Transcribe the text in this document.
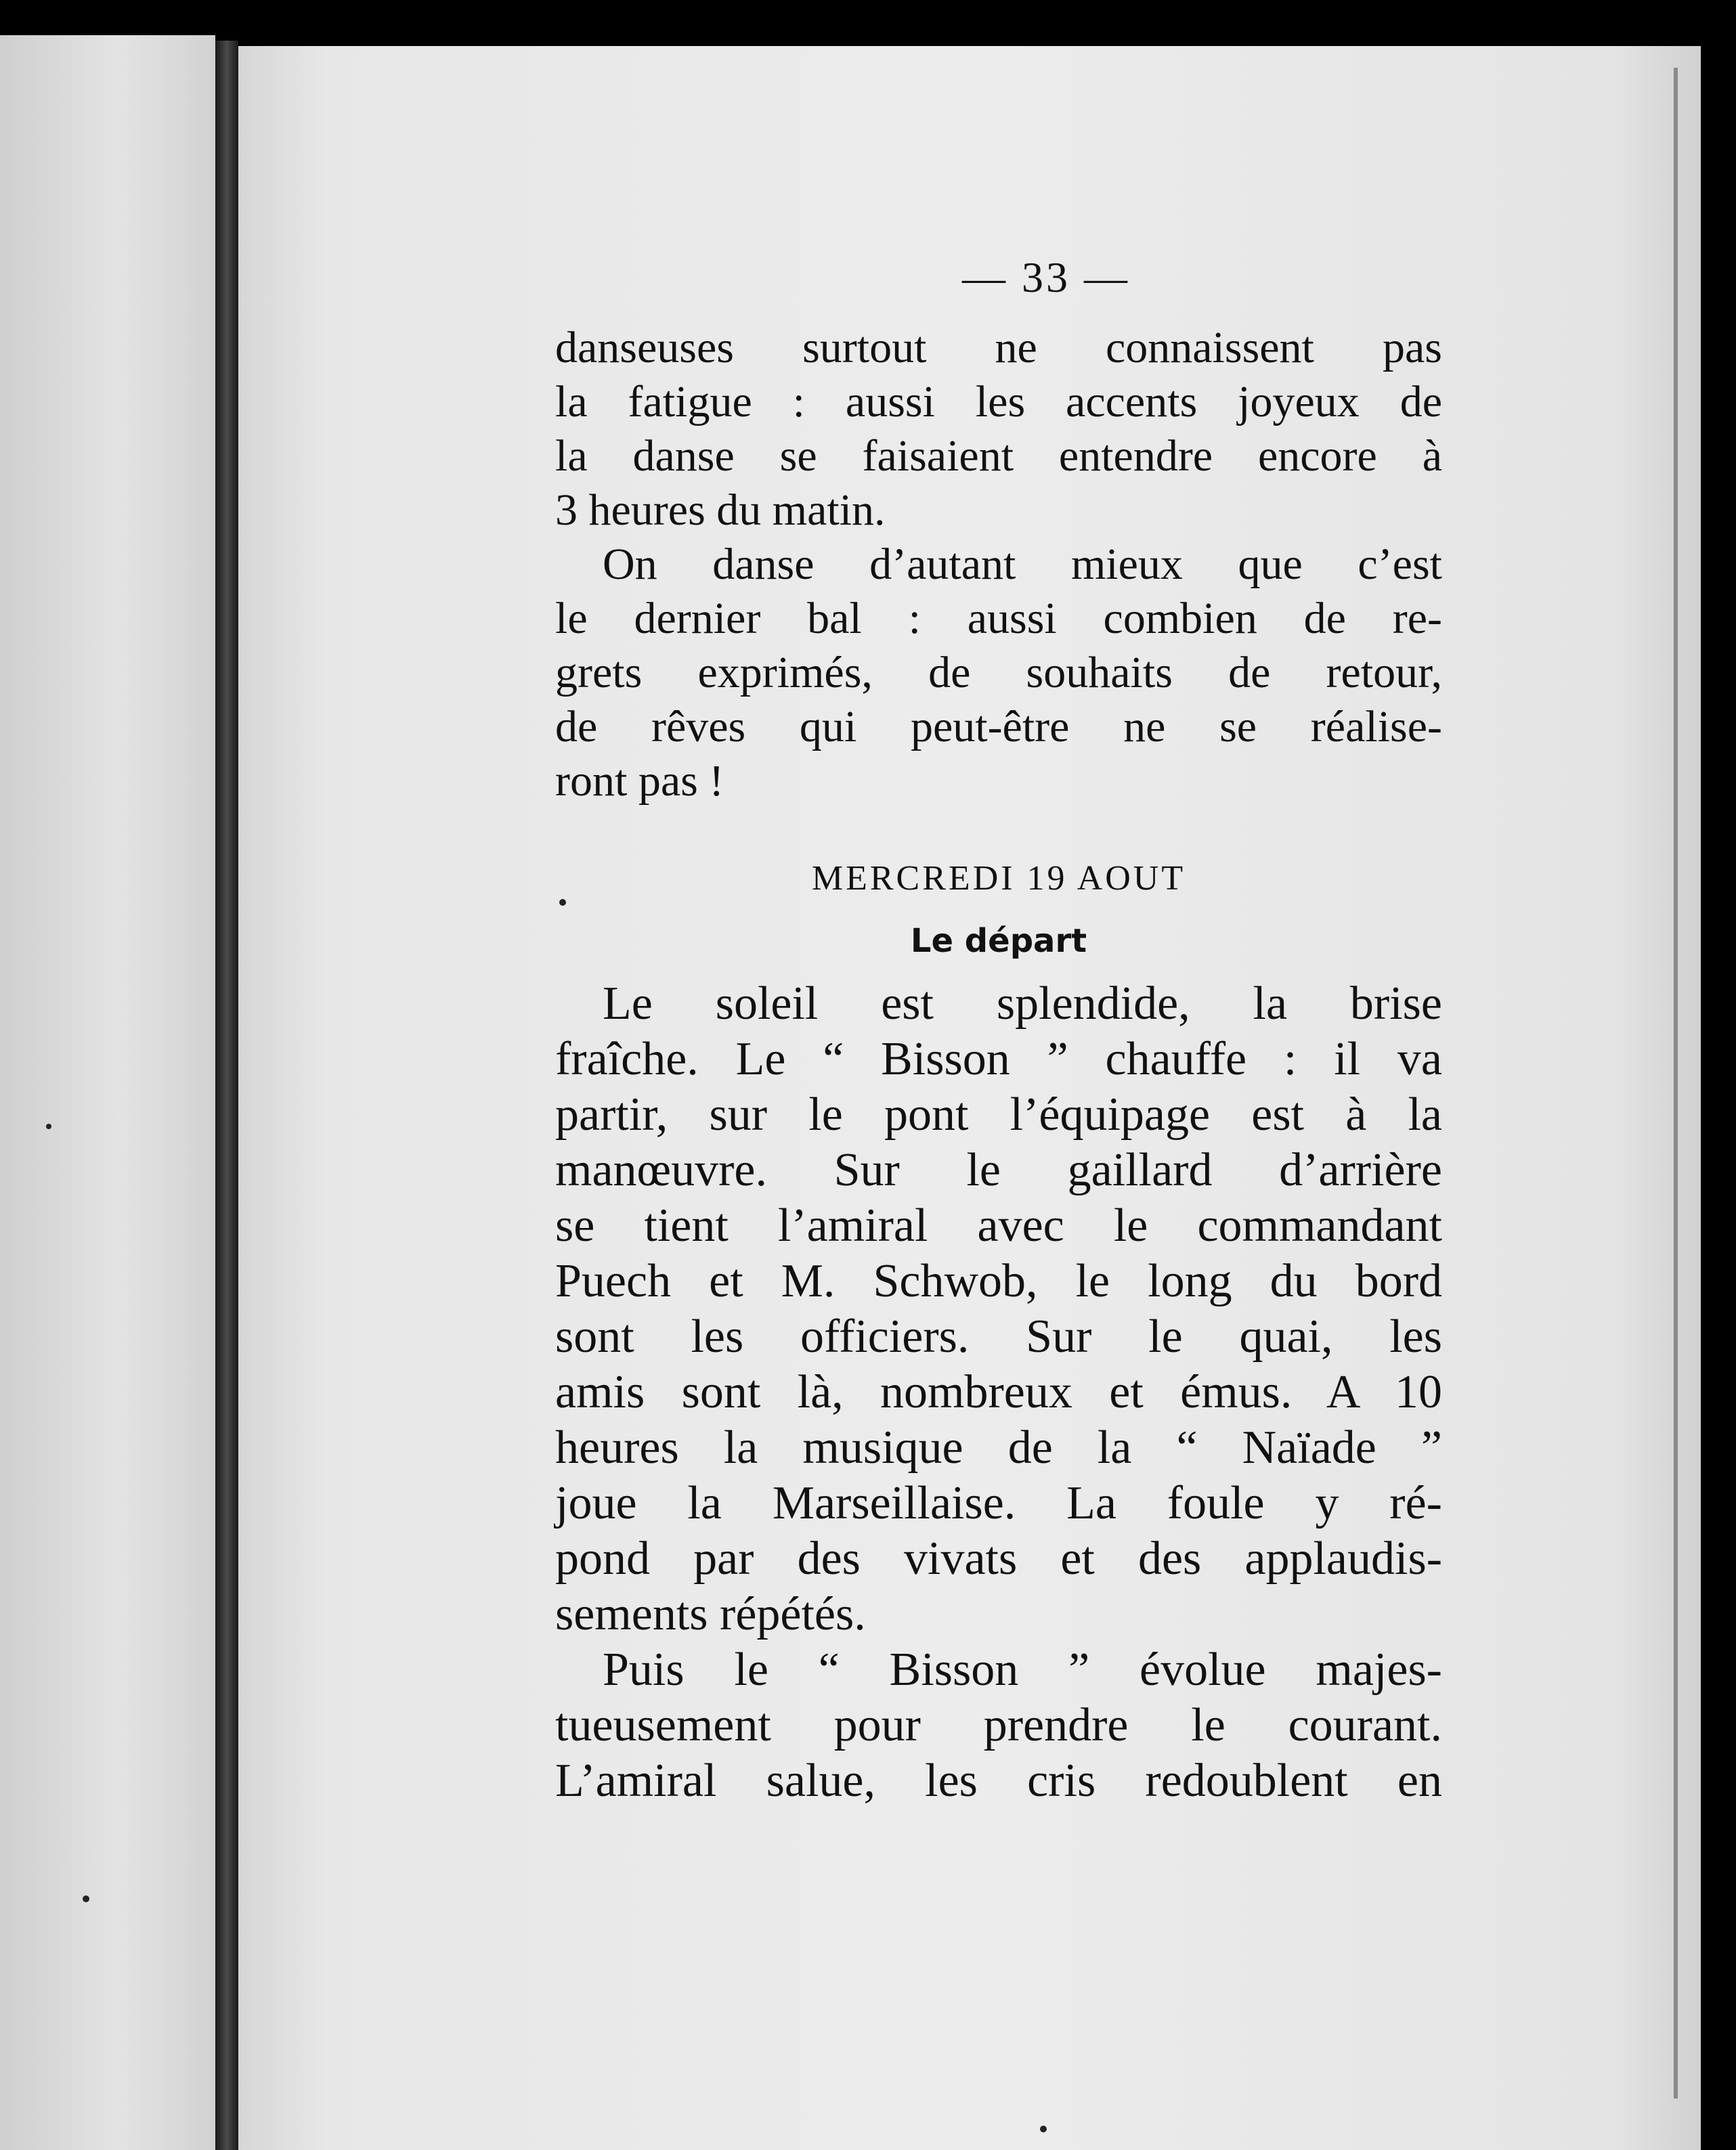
— 33 —
danseuses surtout ne connaissent pas
la fatigue : aussi les accents joyeux de
la danse se faisaient entendre encore à
3 heures du matin.
On danse d’autant mieux que c’est
le dernier bal : aussi combien de re-
grets exprimés, de souhaits de retour,
de rêves qui peut-être ne se réalise-
ront pas !
MERCREDI 19 AOUT
Le départ
Le soleil est splendide, la brise
fraîche. Le “ Bisson ” chauffe : il va
partir, sur le pont l’équipage est à la
manœuvre. Sur le gaillard d’arrière
se tient l’amiral avec le commandant
Puech et M. Schwob, le long du bord
sont les officiers. Sur le quai, les
amis sont là, nombreux et émus. A 10
heures la musique de la “ Naïade ”
joue la Marseillaise. La foule y ré-
pond par des vivats et des applaudis-
sements répétés.
Puis le “ Bisson ” évolue majes-
tueusement pour prendre le courant.
L’amiral salue, les cris redoublent en
